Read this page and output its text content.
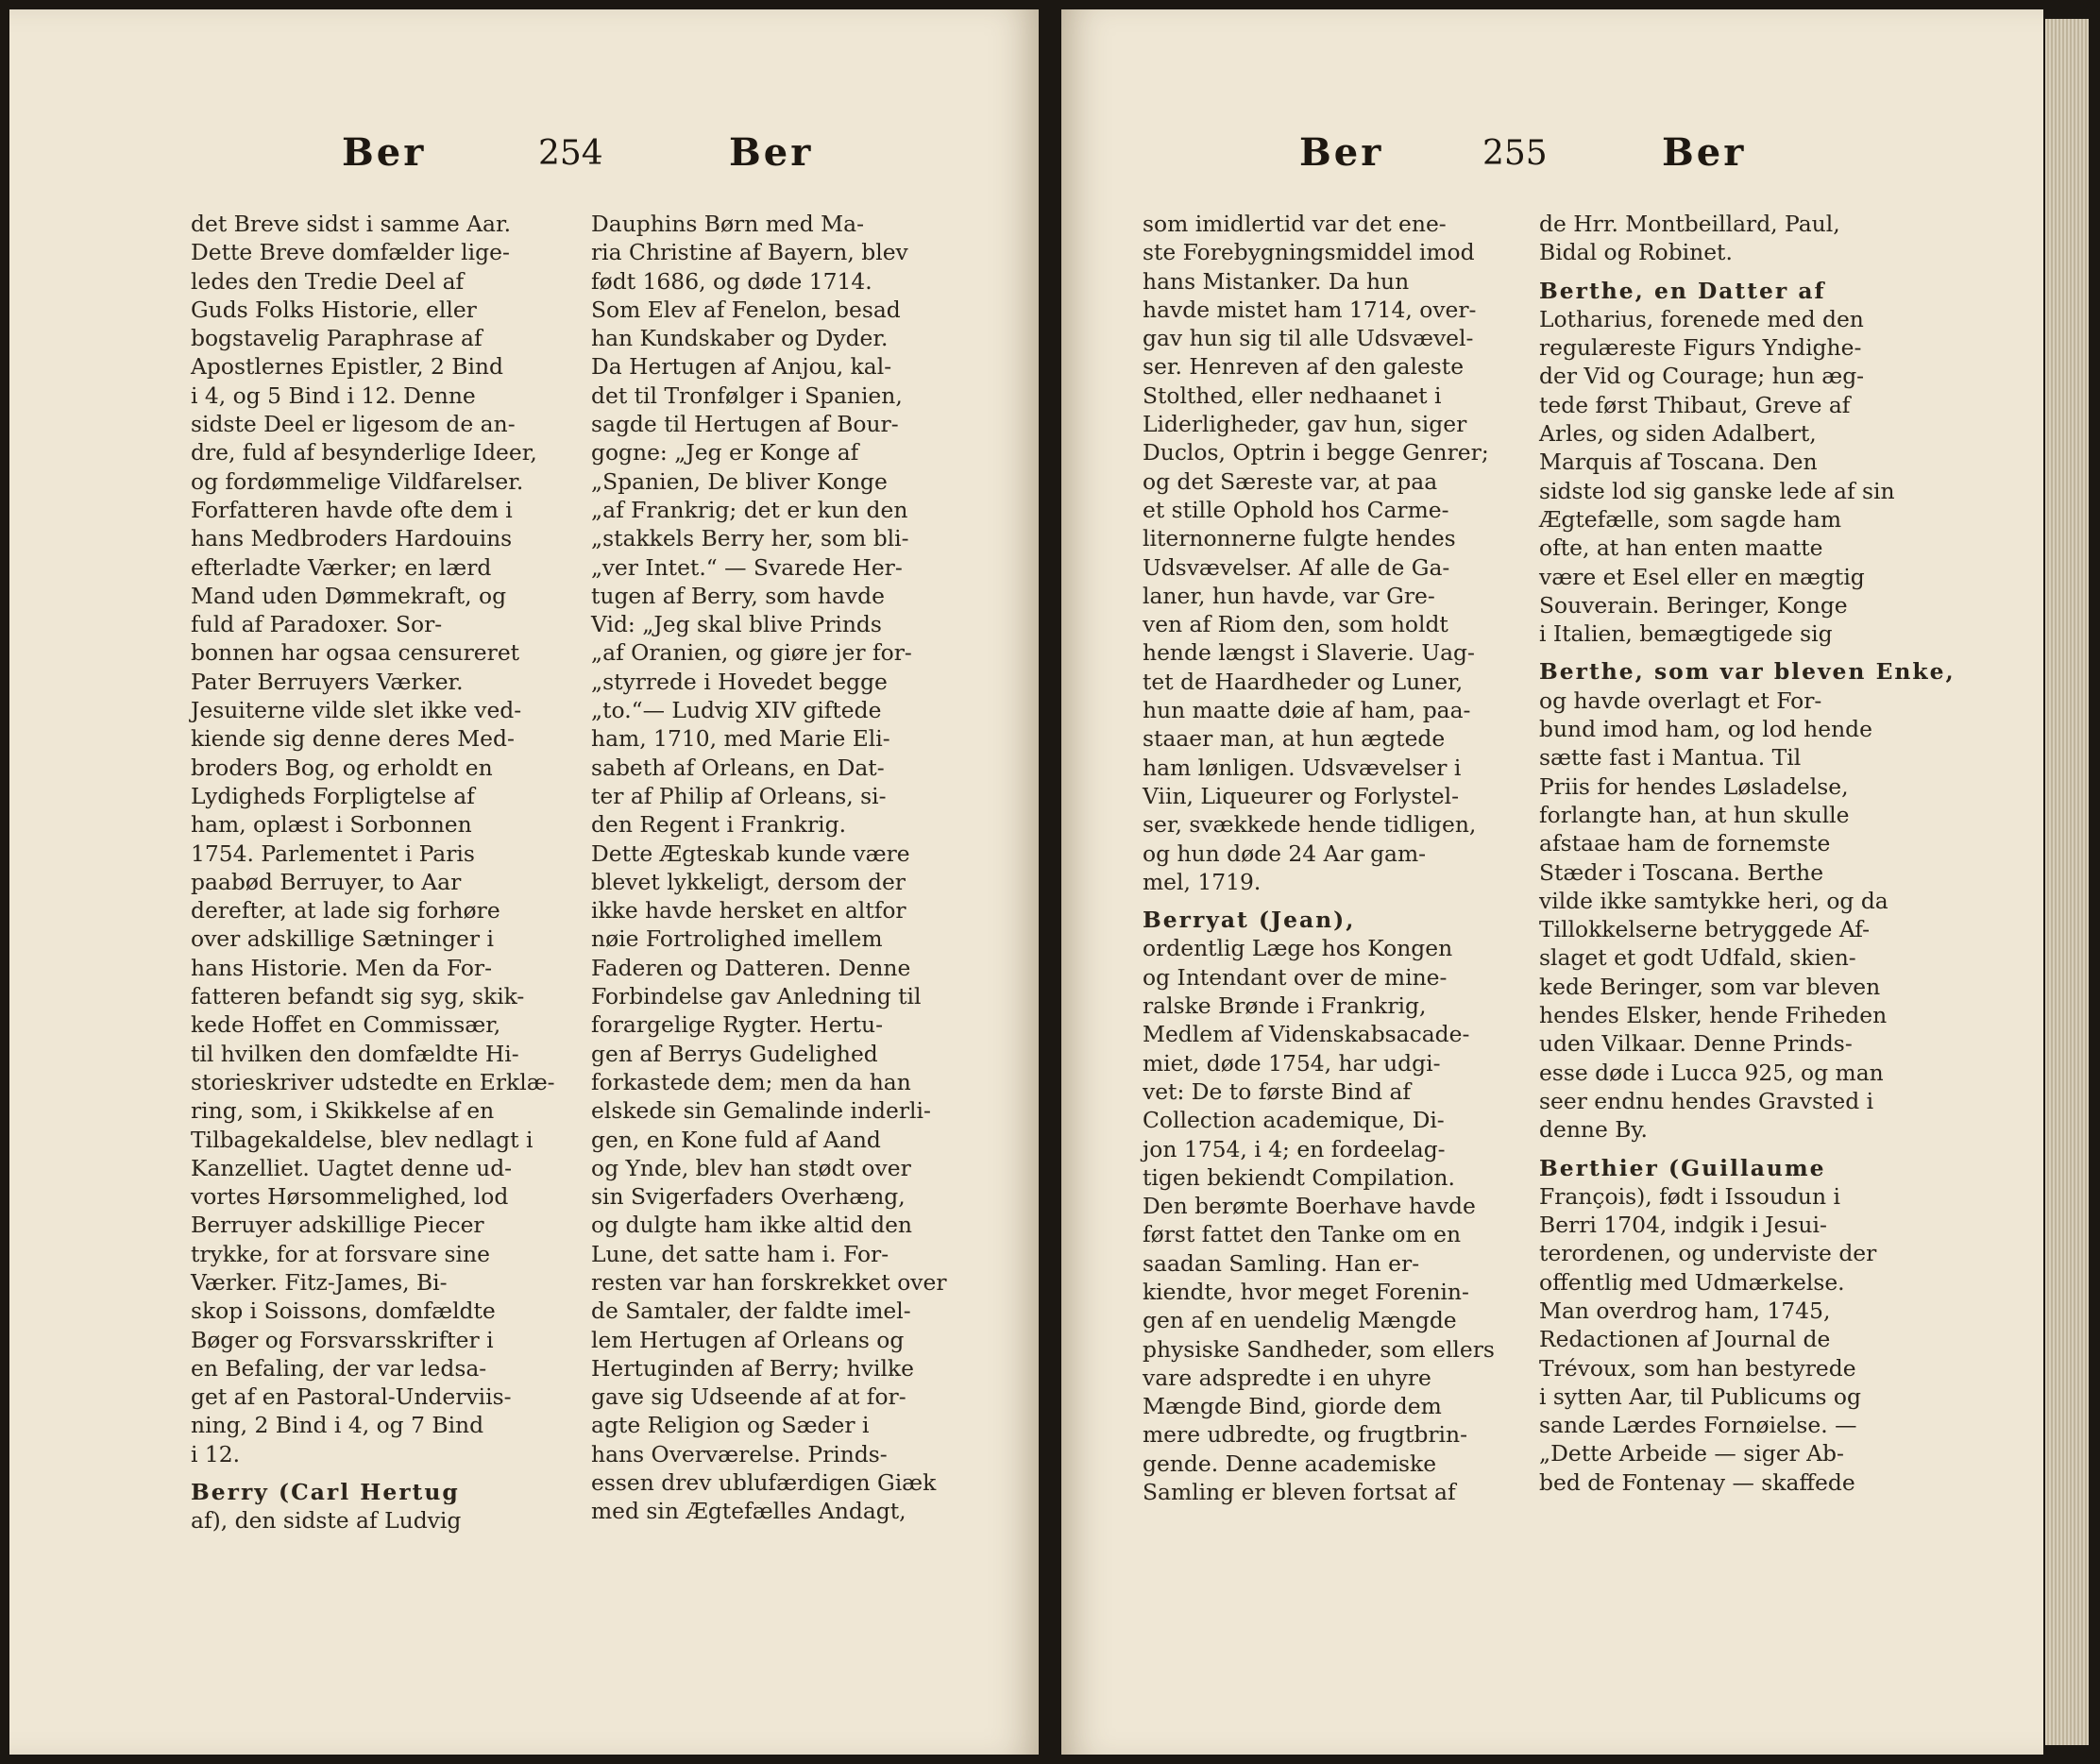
Ber	254	Ber
det Breve sidst i samme Aar.
Dette Breve domfælder lige-
ledes den Tredie Deel af
Guds Folks Historie, eller
bogstavelig Paraphrase af
Apostlernes Epistler, 2 Bind
i 4, og 5 Bind i 12. Denne
sidste Deel er ligesom de an-
dre, fuld af besynderlige Ideer,
og fordømmelige Vildfarelser.
Forfatteren havde ofte dem i
hans Medbroders Hardouins
efterladte Værker; en lærd
Mand uden Dømmekraft, og
fuld af Paradoxer. Sor-
bonnen har ogsaa censureret
Pater Berruyers Værker.
Jesuiterne vilde slet ikke ved-
kiende sig denne deres Med-
broders Bog, og erholdt en
Lydigheds Forpligtelse af
ham, oplæst i Sorbonnen
1754. Parlementet i Paris
paabød Berruyer, to Aar
derefter, at lade sig forhøre
over adskillige Sætninger i
hans Historie. Men da For-
fatteren befandt sig syg, skik-
kede Hoffet en Commissær,
til hvilken den domfældte Hi-
storieskriver udstedte en Erklæ-
ring, som, i Skikkelse af en
Tilbagekaldelse, blev nedlagt i
Kanzelliet. Uagtet denne ud-
vortes Hørsommelighed, lod
Berruyer adskillige Piecer
trykke, for at forsvare sine
Værker. Fitz-James, Bi-
skop i Soissons, domfældte
Bøger og Forsvarsskrifter i
en Befaling, der var ledsa-
get af en Pastoral-Underviis-
ning, 2 Bind i 4, og 7 Bind
i 12.
Berry (Carl Hertug
af), den sidste af Ludvig
Dauphins Børn med Ma-
ria Christine af Bayern, blev
født 1686, og døde 1714.
Som Elev af Fenelon, besad
han Kundskaber og Dyder.
Da Hertugen af Anjou, kal-
det til Tronfølger i Spanien,
sagde til Hertugen af Bour-
gogne: „Jeg er Konge af
„Spanien, De bliver Konge
„af Frankrig; det er kun den
„stakkels Berry her, som bli-
„ver Intet.“ — Svarede Her-
tugen af Berry, som havde
Vid: „Jeg skal blive Prinds
„af Oranien, og giøre jer for-
„styrrede i Hovedet begge
„to.“— Ludvig XIV giftede
ham, 1710, med Marie Eli-
sabeth af Orleans, en Dat-
ter af Philip af Orleans, si-
den Regent i Frankrig.
Dette Ægteskab kunde være
blevet lykkeligt, dersom der
ikke havde hersket en altfor
nøie Fortrolighed imellem
Faderen og Datteren. Denne
Forbindelse gav Anledning til
forargelige Rygter. Hertu-
gen af Berrys Gudelighed
forkastede dem; men da han
elskede sin Gemalinde inderli-
gen, en Kone fuld af Aand
og Ynde, blev han stødt over
sin Svigerfaders Overhæng,
og dulgte ham ikke altid den
Lune, det satte ham i. For-
resten var han forskrekket over
de Samtaler, der faldte imel-
lem Hertugen af Orleans og
Hertuginden af Berry; hvilke
gave sig Udseende af at for-
agte Religion og Sæder i
hans Overværelse. Prinds-
essen drev ublufærdigen Giæk
med sin Ægtefælles Andagt,
Ber	255	Ber
som imidlertid var det ene-
ste Forebygningsmiddel imod
hans Mistanker. Da hun
havde mistet ham 1714, over-
gav hun sig til alle Udsvævel-
ser. Henreven af den galeste
Stolthed, eller nedhaanet i
Liderligheder, gav hun, siger
Duclos, Optrin i begge Genrer;
og det Særeste var, at paa
et stille Ophold hos Carme-
liternonnerne fulgte hendes
Udsvævelser. Af alle de Ga-
laner, hun havde, var Gre-
ven af Riom den, som holdt
hende længst i Slaverie. Uag-
tet de Haardheder og Luner,
hun maatte døie af ham, paa-
staaer man, at hun ægtede
ham lønligen. Udsvævelser i
Viin, Liqueurer og Forlystel-
ser, svækkede hende tidligen,
og hun døde 24 Aar gam-
mel, 1719.
Berryat (Jean),
ordentlig Læge hos Kongen
og Intendant over de mine-
ralske Brønde i Frankrig,
Medlem af Videnskabsacade-
miet, døde 1754, har udgi-
vet: De to første Bind af
Collection academique, Di-
jon 1754, i 4; en fordeelag-
tigen bekiendt Compilation.
Den berømte Boerhave havde
først fattet den Tanke om en
saadan Samling. Han er-
kiendte, hvor meget Forenin-
gen af en uendelig Mængde
physiske Sandheder, som ellers
vare adspredte i en uhyre
Mængde Bind, giorde dem
mere udbredte, og frugtbrin-
gende. Denne academiske
Samling er bleven fortsat af
de Hrr. Montbeillard, Paul,
Bidal og Robinet.
Berthe, en Datter af
Lotharius, forenede med den
regulæreste Figurs Yndighe-
der Vid og Courage; hun æg-
tede først Thibaut, Greve af
Arles, og siden Adalbert,
Marquis af Toscana. Den
sidste lod sig ganske lede af sin
Ægtefælle, som sagde ham
ofte, at han enten maatte
være et Esel eller en mægtig
Souverain. Beringer, Konge
i Italien, bemægtigede sig
Berthe, som var bleven Enke,
og havde overlagt et For-
bund imod ham, og lod hende
sætte fast i Mantua. Til
Priis for hendes Løsladelse,
forlangte han, at hun skulle
afstaae ham de fornemste
Stæder i Toscana. Berthe
vilde ikke samtykke heri, og da
Tillokkelserne betryggede Af-
slaget et godt Udfald, skien-
kede Beringer, som var bleven
hendes Elsker, hende Friheden
uden Vilkaar. Denne Prinds-
esse døde i Lucca 925, og man
seer endnu hendes Gravsted i
denne By.
Berthier (Guillaume
François), født i Issoudun i
Berri 1704, indgik i Jesui-
terordenen, og underviste der
offentlig med Udmærkelse.
Man overdrog ham, 1745,
Redactionen af Journal de
Trévoux, som han bestyrede
i sytten Aar, til Publicums og
sande Lærdes Fornøielse. —
„Dette Arbeide — siger Ab-
bed de Fontenay — skaffede
